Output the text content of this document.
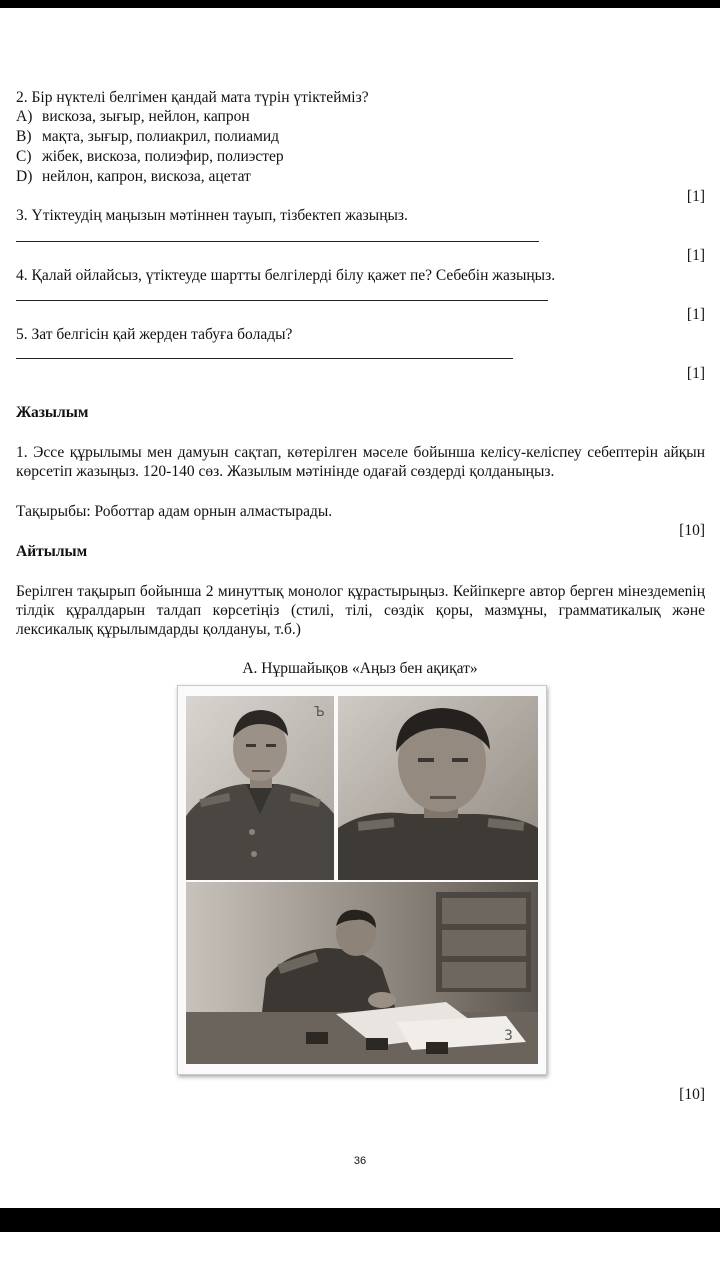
2. Бір нүктелі белгімен қандай мата түрін үтіктейміз?
A) вискоза, зығыр, нейлон, капрон
B) мақта, зығыр, полиакрил, полиамид
C) жібек, вискоза, полиэфир, полиэстер
D) нейлон, капрон, вискоза, ацетат
[1]
3. Үтіктеудің маңызын мәтіннен тауып, тізбектеп жазыңыз.
[1]
4. Қалай ойлайсыз, үтіктеуде шартты белгілерді білу қажет пе? Себебін жазыңыз.
[1]
5. Зат белгісін қай жерден табуға болады?
[1]
Жазылым
1. Эссе құрылымы мен дамуын сақтап, көтерілген мәселе бойынша келісу-келіспеу себептерін айқын көрсетіп жазыңыз. 120-140 сөз. Жазылым мәтінінде одағай сөздерді қолданыңыз.
Тақырыбы: Роботтар адам орнын алмастырады.
[10]
Айтылым
Берілген тақырып бойынша 2 минуттық монолог құрастырыңыз. Кейіпкерге автор берген мінездемenің тілдік құралдарын талдап көрсетіңіз (стилі, тілі, сөздік қоры, мазмұны, грамматикалық және лексикалық құрылымдарды қолдануы, т.б.)
А. Нұршайықов «Аңыз бен ақиқат»
Ъ
3
[10]
36
